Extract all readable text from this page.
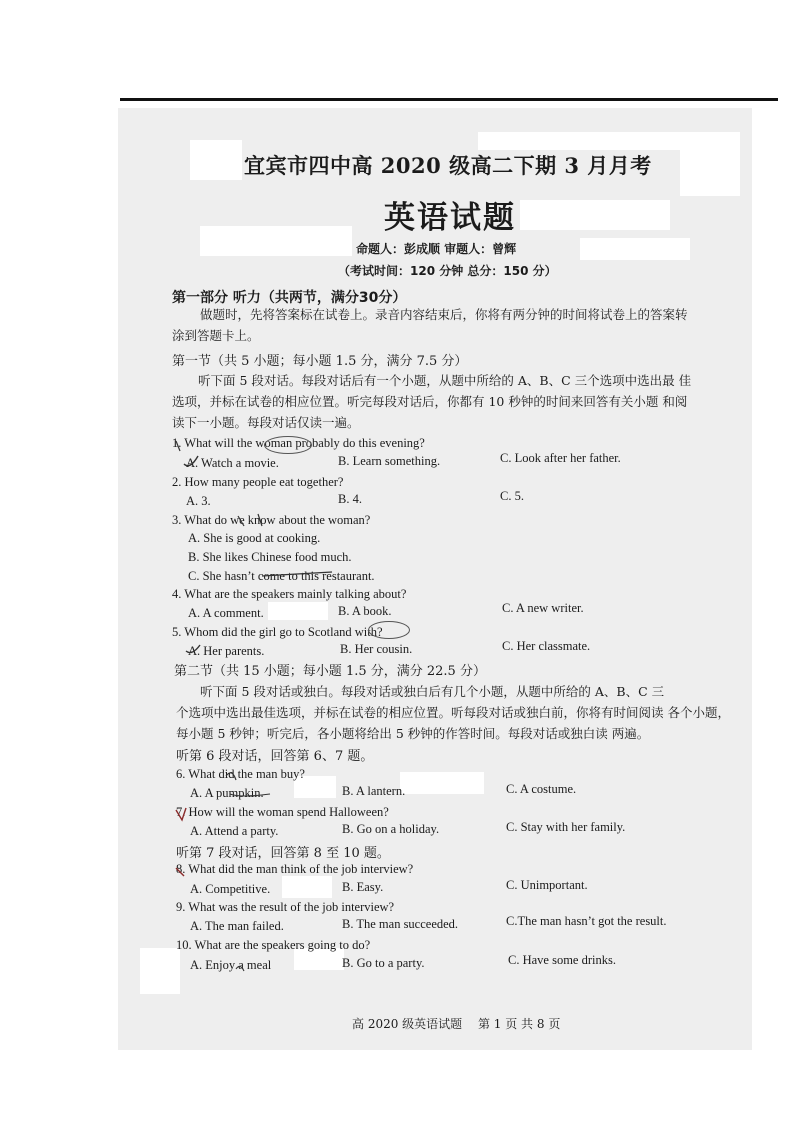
宜宾市四中高 2020 级高二下期 3 月月考
英语试题
命题人：彭成顺 审题人：曾辉
（考试时间：120 分钟 总分：150 分）
第一部分 听力（共两节，满分30分）
做题时，先将答案标在试卷上。录音内容结束后，你将有两分钟的时间将试卷上的答案转
涂到答题卡上。
第一节（共 5 小题；每小题 1.5 分，满分 7.5 分）
听下面 5 段对话。每段对话后有一个小题，从题中所给的 A、B、C 三个选项中选出最 佳
选项，并标在试卷的相应位置。听完每段对话后，你都有 10 秒钟的时间来回答有关小题 和阅
读下一小题。每段对话仅读一遍。
1. What will the woman probably do this evening?
A. Watch a movie.	B. Learn something.	C. Look after her father.
2. How many people eat together?
A. 3.	B. 4.	C. 5.
3. What do we know about the woman?
A. She is good at cooking.
B. She likes Chinese food much.
C. She hasn’t come to this restaurant.
4. What are the speakers mainly talking about?
A. A comment.	B. A book.	C. A new writer.
5. Whom did the girl go to Scotland with?
A. Her parents.	B. Her cousin.	C. Her classmate.
第二节（共 15 小题；每小题 1.5 分，满分 22.5 分）
听下面 5 段对话或独白。每段对话或独白后有几个小题，从题中所给的 A、B、C 三
个选项中选出最佳选项，并标在试卷的相应位置。听每段对话或独白前，你将有时间阅读 各个小题，
每小题 5 秒钟；听完后，各小题将给出 5 秒钟的作答时间。每段对话或独白读 两遍。
听第 6 段对话，回答第 6、7 题。
6. What did the man buy?
A. A pumpkin.	B. A lantern.	C. A costume.
7. How will the woman spend Halloween?
A. Attend a party.	B. Go on a holiday.	C. Stay with her family.
听第 7 段对话，回答第 8 至 10 题。
8. What did the man think of the job interview?
A. Competitive.	B. Easy.	C. Unimportant.
9. What was the result of the job interview?
A. The man failed.	B. The man succeeded.	C.The man hasn’t got the result.
10. What are the speakers going to do?
A. Enjoy a meal	B. Go to a party.	C. Have some drinks.
高 2020 级英语试题　 第 1 页 共 8 页
